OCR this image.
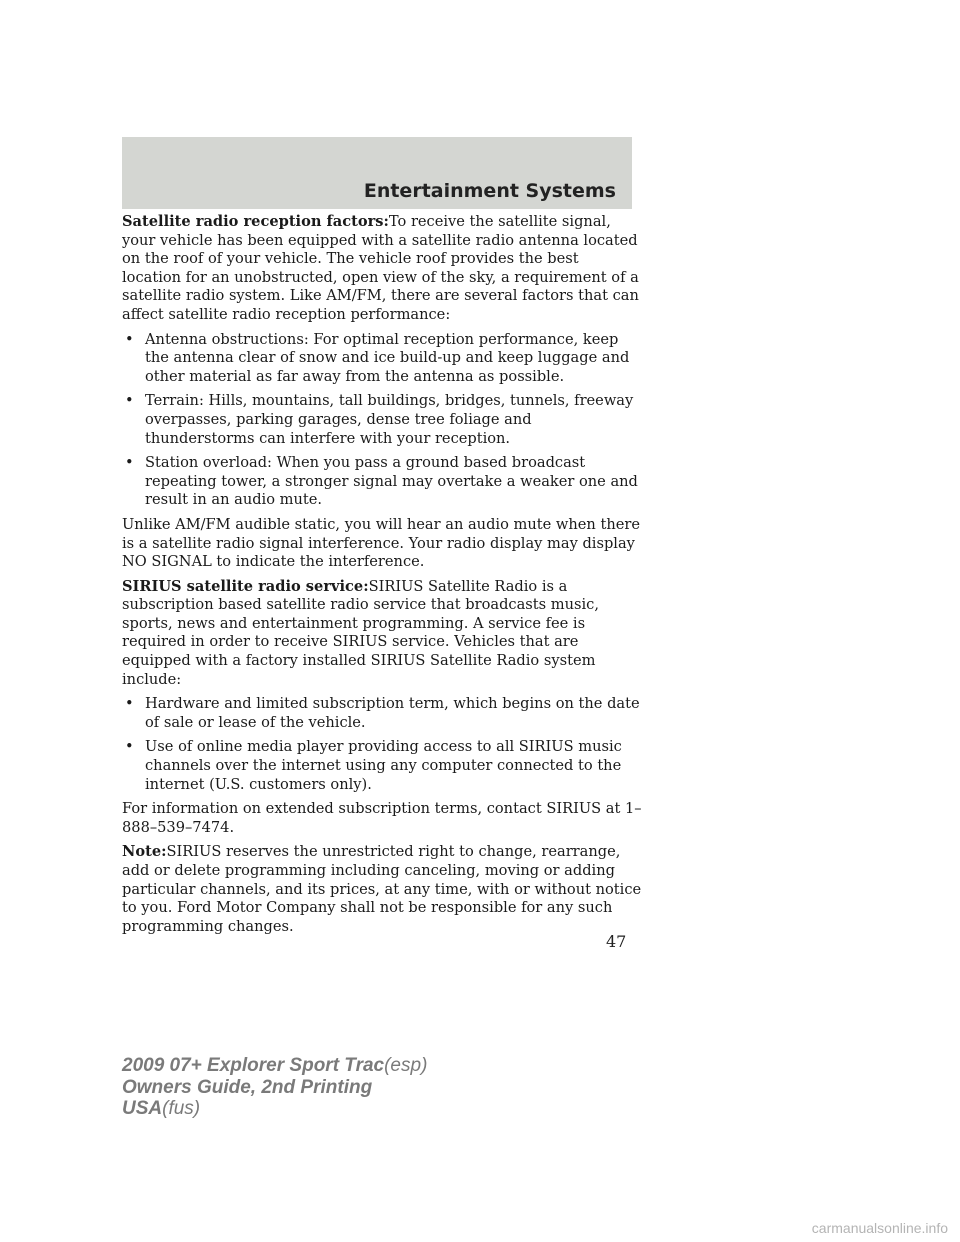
Entertainment Systems

Satellite radio reception factors:To receive the satellite signal, your vehicle has been equipped with a satellite radio antenna located on the roof of your vehicle. The vehicle roof provides the best location for an unobstructed, open view of the sky, a requirement of a satellite radio system. Like AM/FM, there are several factors that can affect satellite radio reception performance:

• Antenna obstructions: For optimal reception performance, keep the antenna clear of snow and ice build-up and keep luggage and other material as far away from the antenna as possible.
• Terrain: Hills, mountains, tall buildings, bridges, tunnels, freeway overpasses, parking garages, dense tree foliage and thunderstorms can interfere with your reception.
• Station overload: When you pass a ground based broadcast repeating tower, a stronger signal may overtake a weaker one and result in an audio mute.

Unlike AM/FM audible static, you will hear an audio mute when there is a satellite radio signal interference. Your radio display may display NO SIGNAL to indicate the interference.

SIRIUS satellite radio service:SIRIUS Satellite Radio is a subscription based satellite radio service that broadcasts music, sports, news and entertainment programming. A service fee is required in order to receive SIRIUS service. Vehicles that are equipped with a factory installed SIRIUS Satellite Radio system include:

• Hardware and limited subscription term, which begins on the date of sale or lease of the vehicle.
• Use of online media player providing access to all SIRIUS music channels over the internet using any computer connected to the internet (U.S. customers only).

For information on extended subscription terms, contact SIRIUS at 1–888–539–7474.

Note:SIRIUS reserves the unrestricted right to change, rearrange, add or delete programming including canceling, moving or adding particular channels, and its prices, at any time, with or without notice to you. Ford Motor Company shall not be responsible for any such programming changes.

47
2009 07+ Explorer Sport Trac(esp)
Owners Guide, 2nd Printing
USA(fus)
carmanualsonline.info
